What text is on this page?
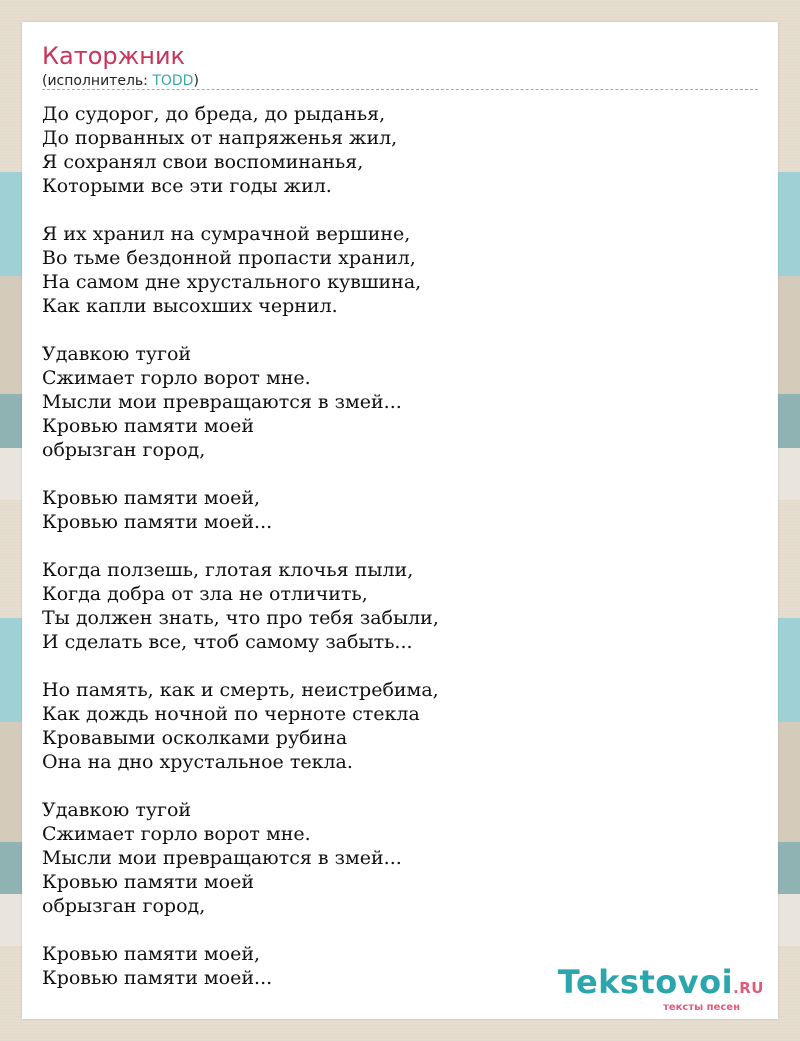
Каторжник
(исполнитель: TODD)
До судорог, до бреда, до рыданья,
До порванных от напряженья жил,
Я сохранял свои воспоминанья,
Которыми все эти годы жил.
Я их хранил на сумрачной вершине,
Во тьме бездонной пропасти хранил,
На самом дне хрустального кувшина,
Как капли высохших чернил.
Удавкою тугой
Сжимает горло ворот мне.
Мысли мои превращаются в змей...
Кровью памяти моей
обрызган город,
Кровью памяти моей,
Кровью памяти моей...
Когда ползешь, глотая клочья пыли,
Когда добра от зла не отличить,
Ты должен знать, что про тебя забыли,
И сделать все, чтоб самому забыть...
Но память, как и смерть, неистребима,
Как дождь ночной по черноте стекла
Кровавыми осколками рубина
Она на дно хрустальное текла.
Удавкою тугой
Сжимает горло ворот мне.
Мысли мои превращаются в змей...
Кровью памяти моей
обрызган город,
Кровью памяти моей,
Кровью памяти моей...	Tekstovoi.RU
тексты песен
